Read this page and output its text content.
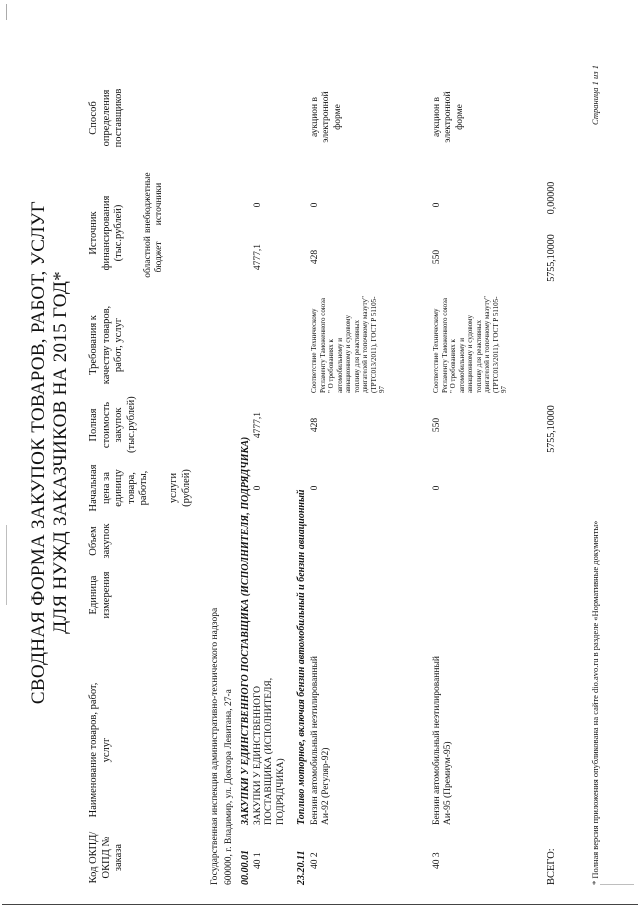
СВОДНАЯ ФОРМА ЗАКУПОК ТОВАРОВ, РАБОТ, УСЛУГ ДЛЯ НУЖД ЗАКАЗЧИКОВ НА 2015 ГОД*
Код ОКПД/ ОКПД № заказа
Наименование товаров, работ, услуг
Единица измерения
Объем закупок
Начальная цена за единицу товара, работы, услуги (рублей)
Полная стоимость закупок (тыс.рублей)
Требования к качеству товаров, работ, услуг
Источник финансирования (тыс.рублей) областной бюджет
внебюджетные источники
Способ определения поставщиков
Государственная инспекция административно-технического надзора 600000, г. Владимир, ул. Доктора Левитана, 27-а 00.00.01
ЗАКУПКИ У ЕДИНСТВЕННОГО ПОСТАВЩИКА (ИСПОЛНИТЕЛЯ, ПОДРЯДЧИКА)
40 1
ЗАКУПКИ У ЕДИНСТВЕННОГО ПОСТАВЩИКА (ИСПОЛНИТЕЛЯ, ПОДРЯДЧИКА)
0
4777,1
4777,1
0
23.20.11
Топливо моторное, включая бензин автомобильный и бензин авиационный
40 2
Бензин автомобильный неэтилированный Аи-92 (Регуляр-92)
0
428
Соответствие Техническому Регламенту Таможенного союза " О требованиях к автомобильному и авиационному и судовому топливу для реактивных двигателей и топочному мазуту" (ТРТС013/2011), ГОСТ Р 51105-97
428
0
аукцион в электронной форме
40 3
Бензин автомобильный неэтилированный Аи-95 (Премиум-95)
0
550
Соответствие Техническому Регламенту Таможенного союза " О требованиях к автомобильному и авиационному и судовому топливу для реактивных двигателей и топочному мазуту" (ТРТС013/2011), ГОСТ Р 51105-97
550
0
аукцион в электронной форме
ВСЕГО:
5755,10000
5755,10000
0,00000
* Полная версия приложения опубликована на сайте dio.avo.ru в разделе «Нормативные документы»
Страница 1 из 1
